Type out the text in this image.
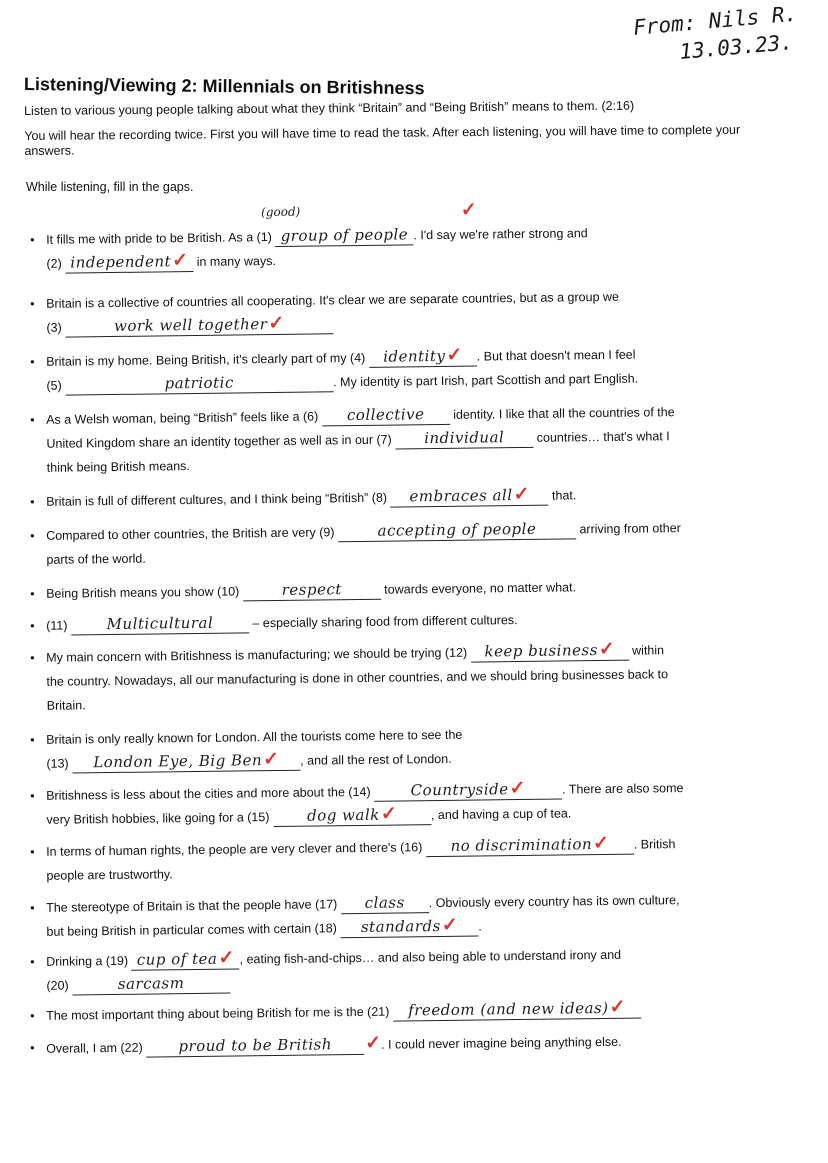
From: Nils R.
13.03.23.
Listening/Viewing 2: Millennials on Britishness

Listen to various young people talking about what they think “Britain” and “Being British” means to them. (2:16)

You will hear the recording twice. First you will have time to read the task. After each listening, you will have time to complete your answers.

While listening, fill in the gaps.
• It fills me with pride to be British. As a (1)
(good)
group of people . I'd say we're rather strong and
✓

(2) independent✓ in many ways.
• Britain is a collective of countries all cooperating. It's clear we are separate countries, but as a group we
(3)	work well together✓
• Britain is my home. Being British, it's clearly part of my (4) identity✓ . But that doesn't mean I feel
(5)	patriotic	. My identity is part Irish, part Scottish and part English.
• As a Welsh woman, being “British” feels like a (6) collective identity. I like that all the countries of the
United Kingdom share an identity together as well as in our (7) individual	countries… that's what I
think being British means.
• Britain is full of different cultures, and I think being “British” (8) embraces all✓ that.
• Compared to other countries, the British are very (9)	accepting of people	arriving from other
parts of the world.
• Being British means you show (10)	respect	towards everyone, no matter what.
• (11)	Multicultural	– especially sharing food from different cultures.
• My main concern with Britishness is manufacturing; we should be trying (12) keep business✓ within
the country. Nowadays, all our manufacturing is done in other countries, and we should bring businesses back to
Britain.
• Britain is only really known for London. All the tourists come here to see the
(13) London Eye, Big Ben✓ , and all the rest of London.
• Britishness is less about the cities and more about the (14)	Countryside✓	. There are also some
very British hobbies, like going for a (15) dog walk✓	, and having a cup of tea.
• In terms of human rights, the people are very clever and there's (16) no discrimination✓ . British
people are trustworthy.
• The stereotype of Britain is that the people have (17) class . Obviously every country has its own culture,
but being British in particular comes with certain (18) standards✓ .
• Drinking a (19) cup of tea✓ , eating fish-and-chips… and also being able to understand irony and
(20)	sarcasm
• The most important thing about being British for me is the (21) freedom (and new ideas)✓
• Overall, I am (22) proud to be British ✓. I could never imagine being anything else.
